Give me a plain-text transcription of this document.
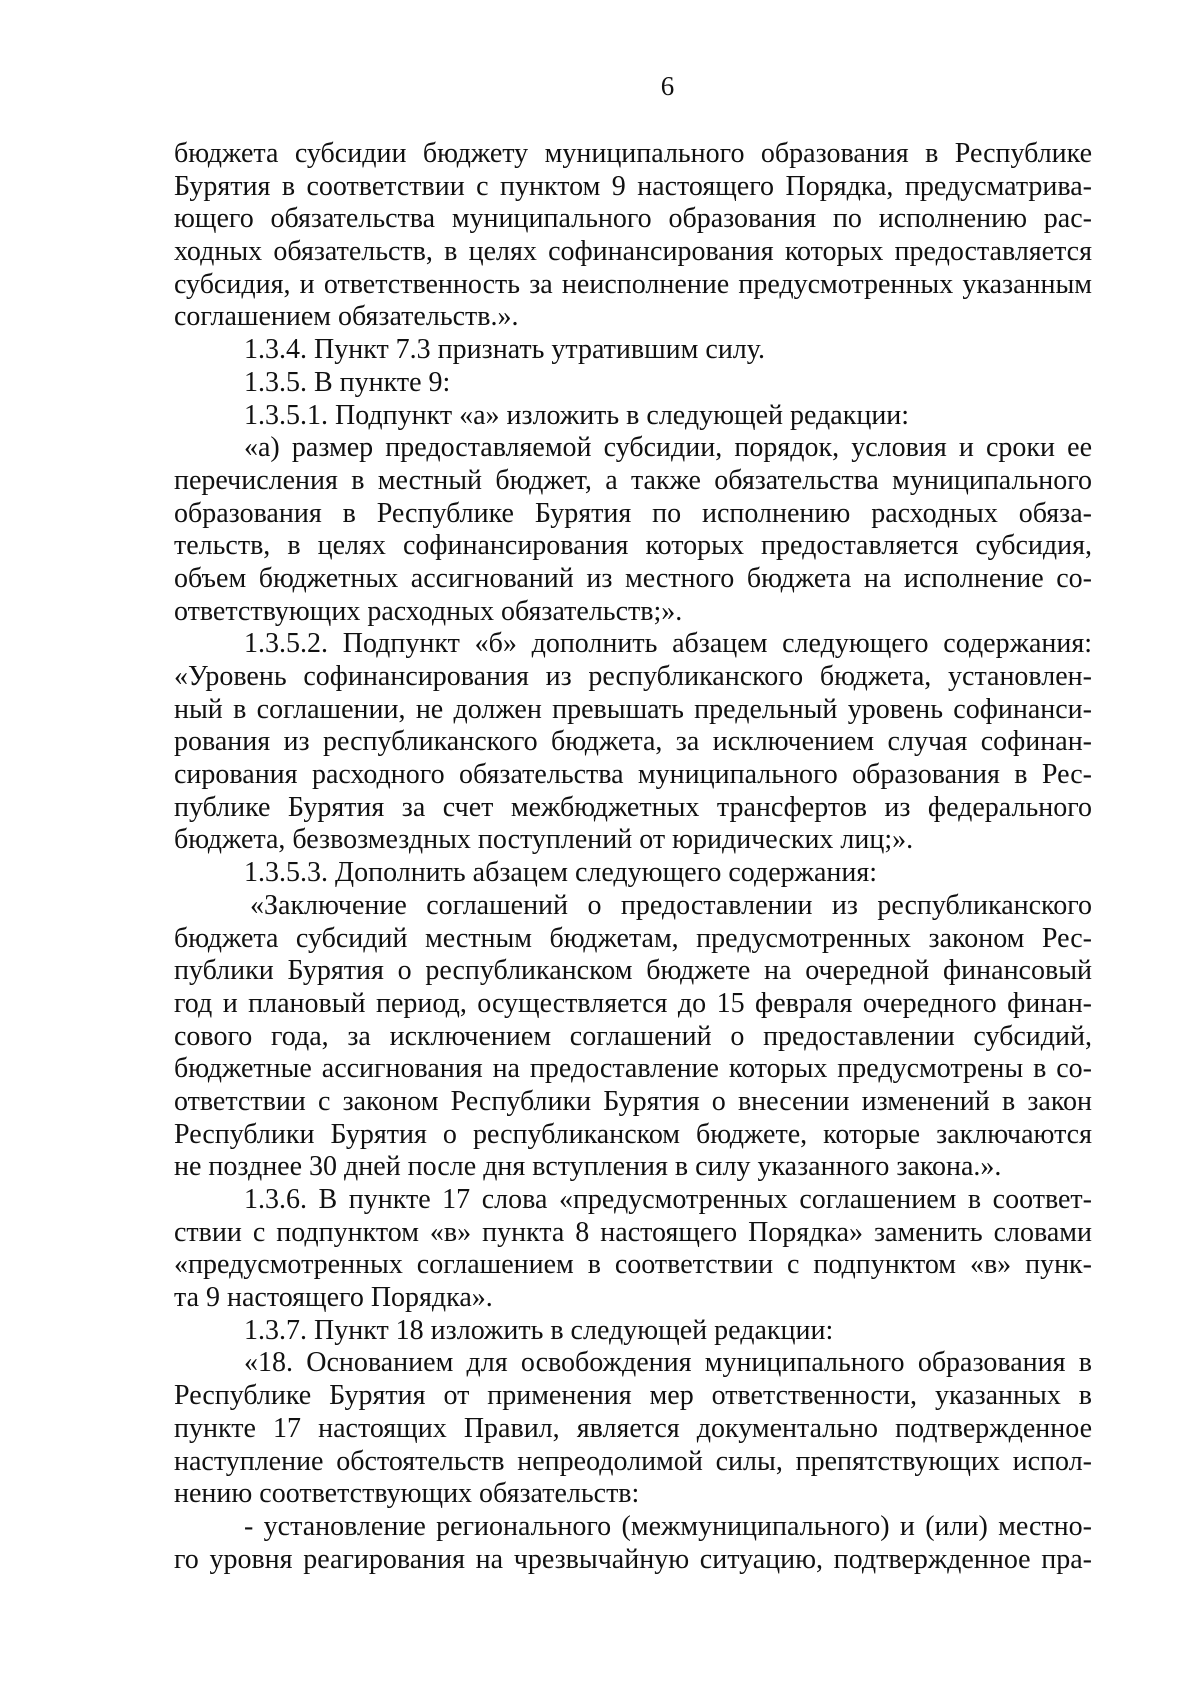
6
бюджета субсидии бюджету муниципального образования в Республике
Бурятия в соответствии с пунктом 9 настоящего Порядка, предусматрива-
ющего обязательства муниципального образования по исполнению рас-
ходных обязательств, в целях софинансирования которых предоставляется
субсидия, и ответственность за неисполнение предусмотренных указанным
соглашением обязательств.».
1.3.4. Пункт 7.3 признать утратившим силу.
1.3.5. В пункте 9:
1.3.5.1. Подпункт «а» изложить в следующей редакции:
«а) размер предоставляемой субсидии, порядок, условия и сроки ее
перечисления в местный бюджет, а также обязательства муниципального
образования в Республике Бурятия по исполнению расходных обяза-
тельств, в целях софинансирования которых предоставляется субсидия,
объем бюджетных ассигнований из местного бюджета на исполнение со-
ответствующих расходных обязательств;».
1.3.5.2. Подпункт «б» дополнить абзацем следующего содержания:
«Уровень софинансирования из республиканского бюджета, установлен-
ный в соглашении, не должен превышать предельный уровень софинанси-
рования из республиканского бюджета, за исключением случая софинан-
сирования расходного обязательства муниципального образования в Рес-
публике Бурятия за счет межбюджетных трансфертов из федерального
бюджета, безвозмездных поступлений от юридических лиц;».
1.3.5.3. Дополнить абзацем следующего содержания:
«Заключение соглашений о предоставлении из республиканского
бюджета субсидий местным бюджетам, предусмотренных законом Рес-
публики Бурятия о республиканском бюджете на очередной финансовый
год и плановый период, осуществляется до 15 февраля очередного финан-
сового года, за исключением соглашений о предоставлении субсидий,
бюджетные ассигнования на предоставление которых предусмотрены в со-
ответствии с законом Республики Бурятия о внесении изменений в закон
Республики Бурятия о республиканском бюджете, которые заключаются
не позднее 30 дней после дня вступления в силу указанного закона.».
1.3.6. В пункте 17 слова «предусмотренных соглашением в соответ-
ствии с подпунктом «в» пункта 8 настоящего Порядка» заменить словами
«предусмотренных соглашением в соответствии с подпунктом «в» пунк-
та 9 настоящего Порядка».
1.3.7. Пункт 18 изложить в следующей редакции:
«18. Основанием для освобождения муниципального образования в
Республике Бурятия от применения мер ответственности, указанных в
пункте 17 настоящих Правил, является документально подтвержденное
наступление обстоятельств непреодолимой силы, препятствующих испол-
нению соответствующих обязательств:
- установление регионального (межмуниципального) и (или) местно-
го уровня реагирования на чрезвычайную ситуацию, подтвержденное пра-
